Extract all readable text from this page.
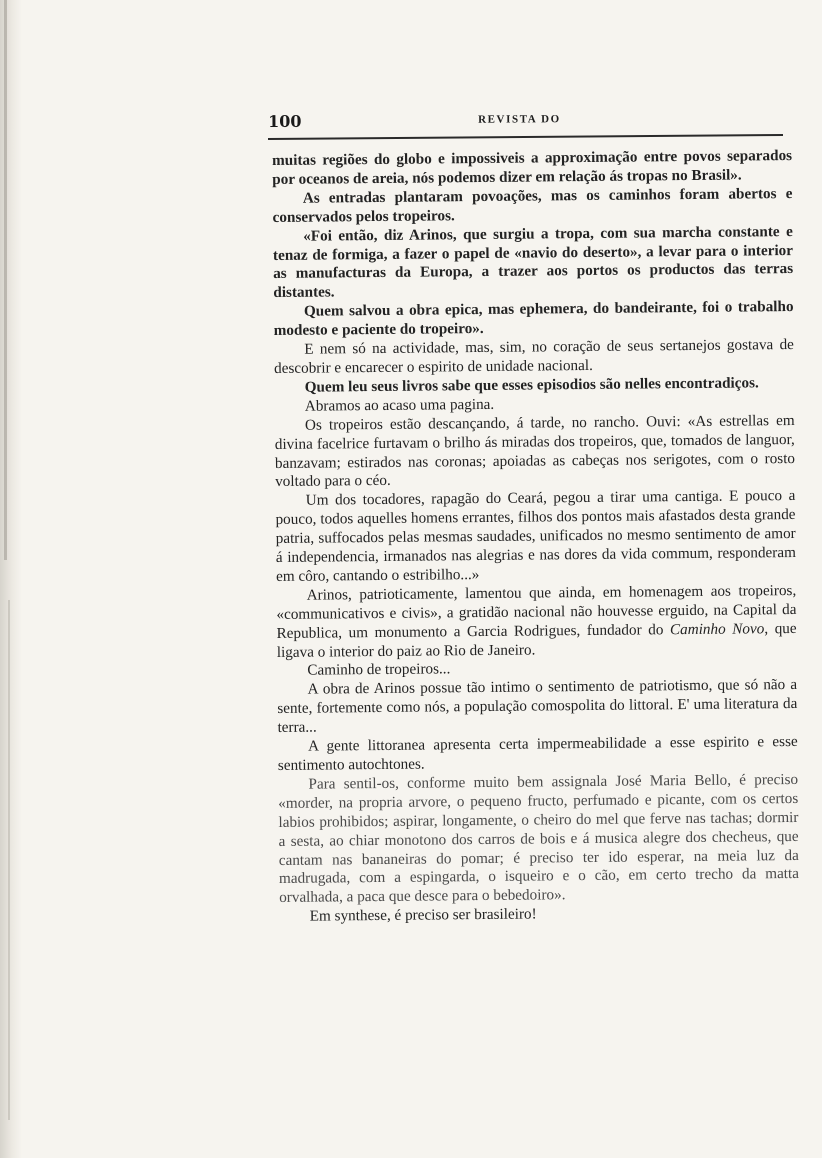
100	REVISTA DO

muitas regiões do globo e impossiveis a approximação entre povos separados por oceanos de areia, nós podemos dizer em relação ás tropas no Brasil».

As entradas plantaram povoações, mas os caminhos foram abertos e conservados pelos tropeiros.

«Foi então, diz Arinos, que surgiu a tropa, com sua marcha constante e tenaz de formiga, a fazer o papel de «navio do deserto», a levar para o interior as manufacturas da Europa, a trazer aos portos os productos das terras distantes.

Quem salvou a obra epica, mas ephemera, do bandeirante, foi o trabalho modesto e paciente do tropeiro».

E nem só na actividade, mas, sim, no coração de seus sertanejos gostava de descobrir e encarecer o espirito de unidade nacional.

Quem leu seus livros sabe que esses episodios são nelles encontradiços.

Abramos ao acaso uma pagina.

Os tropeiros estão descançando, á tarde, no rancho. Ouvi: «As estrellas em divina facelrice furtavam o brilho ás miradas dos tropeiros, que, tomados de languor, banzavam; estirados nas coronas; apoiadas as cabeças nos serigotes, com o rosto voltado para o céo.

Um dos tocadores, rapagão do Ceará, pegou a tirar uma cantiga. E pouco a pouco, todos aquelles homens errantes, filhos dos pontos mais afastados desta grande patria, suffocados pelas mesmas saudades, unificados no mesmo sentimento de amor á independencia, irmanados nas alegrias e nas dores da vida commum, responderam em côro, cantando o estribilho...»

Arinos, patrioticamente, lamentou que ainda, em homenagem aos tropeiros, «communicativos e civis», a gratidão nacional não houvesse erguido, na Capital da Republica, um monumento a Garcia Rodrigues, fundador do Caminho Novo, que ligava o interior do paiz ao Rio de Janeiro.

Caminho de tropeiros...

A obra de Arinos possue tão intimo o sentimento de patriotismo, que só não a sente, fortemente como nós, a população comospolita do littoral. E' uma literatura da terra...

A gente littoranea apresenta certa impermeabilidade a esse espirito e esse sentimento autochtones.

Para sentil-os, conforme muito bem assignala José Maria Bello, é preciso «morder, na propria arvore, o pequeno fructo, perfumado e picante, com os certos labios prohibidos; aspirar, longamente, o cheiro do mel que ferve nas tachas; dormir a sesta, ao chiar monotono dos carros de bois e á musica alegre dos checheus, que cantam nas bananeiras do pomar; é preciso ter ido esperar, na meia luz da madrugada, com a espingarda, o isqueiro e o cão, em certo trecho da matta orvalhada, a paca que desce para o bebedoiro».

Em synthese, é preciso ser brasileiro!
